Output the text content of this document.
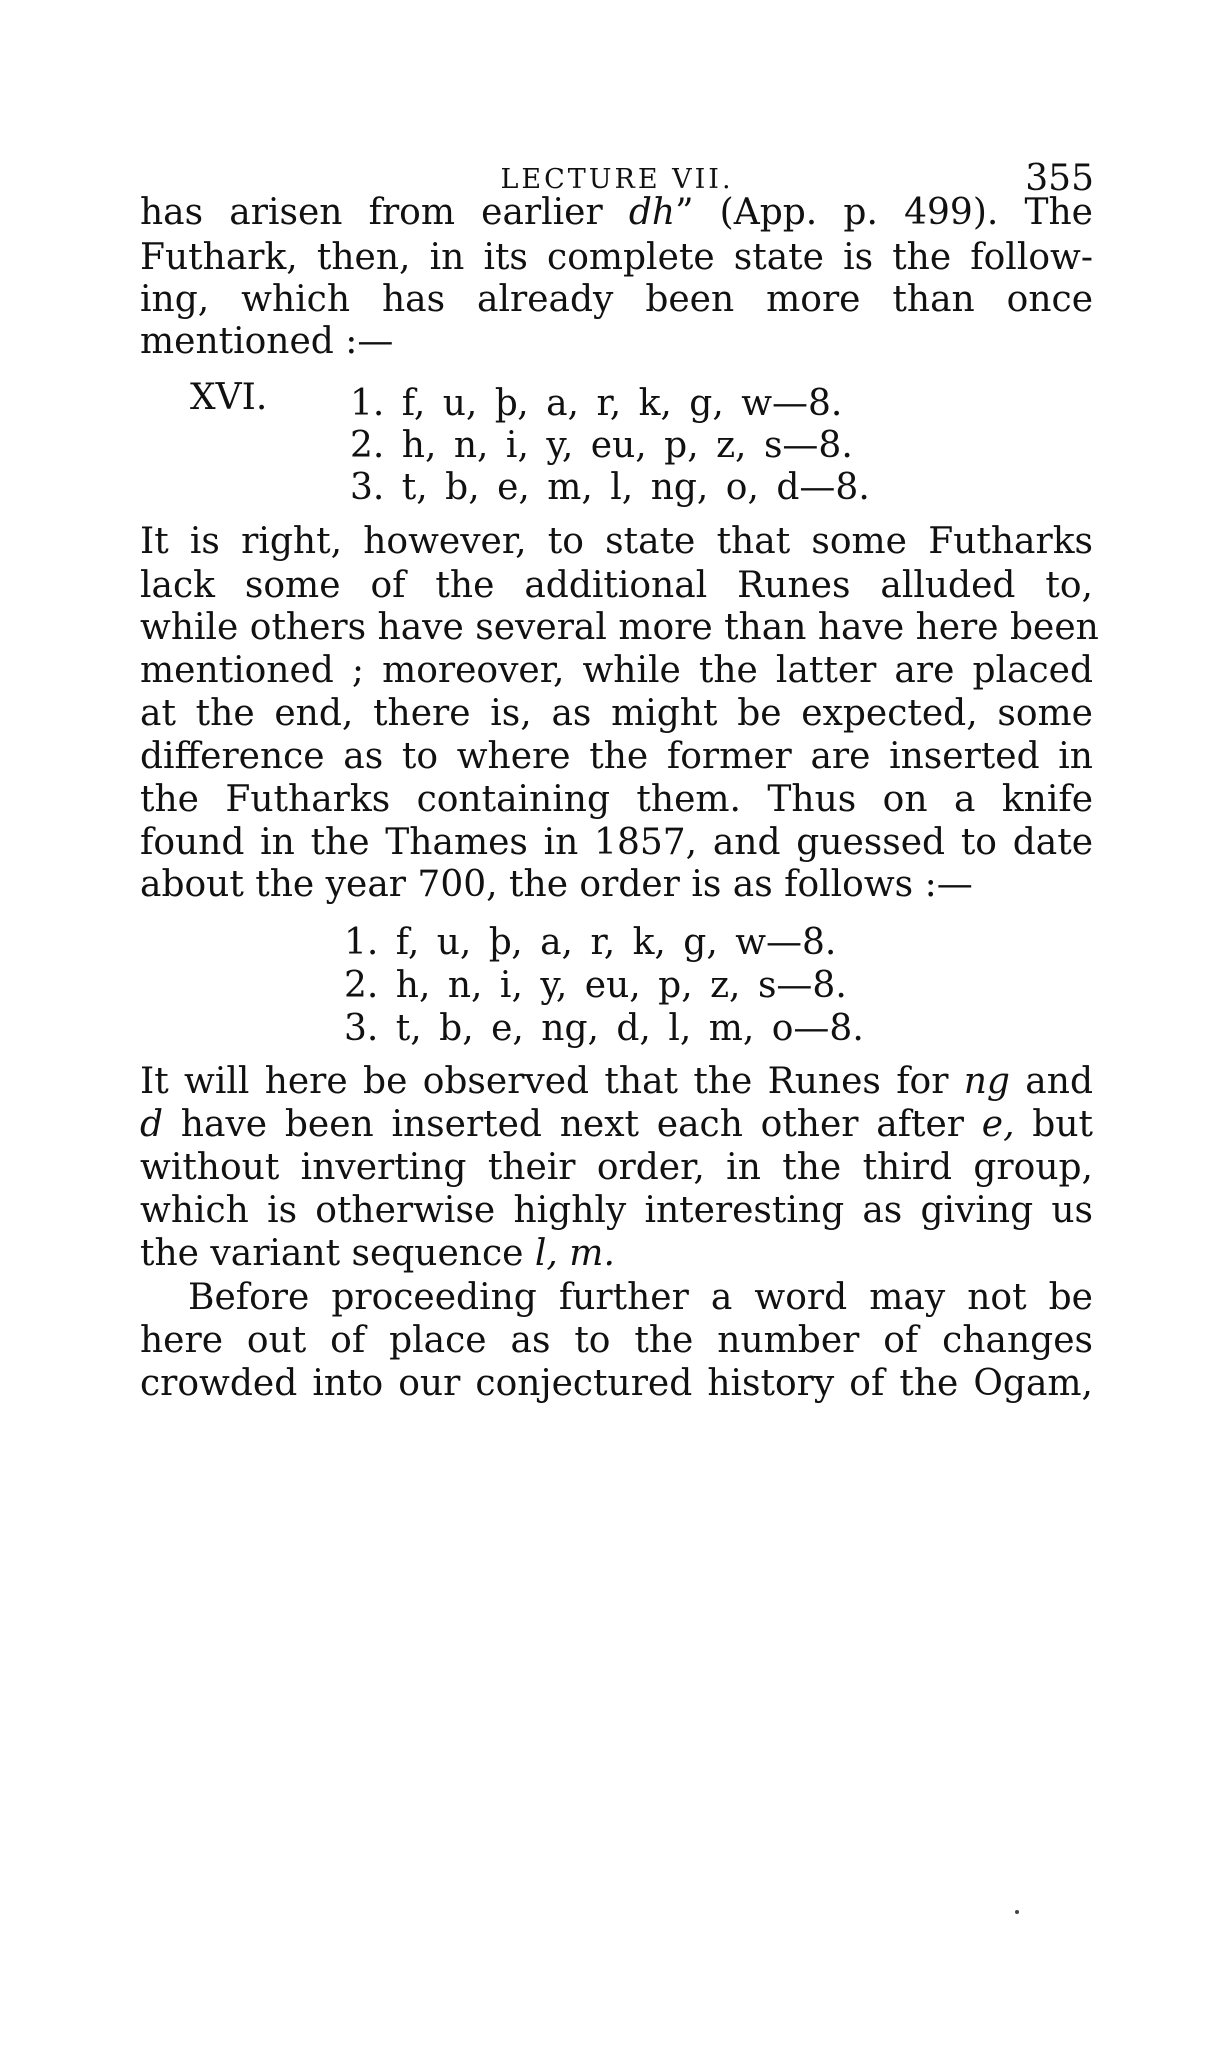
LECTURE VII.	355
has arisen from earlier dh” (App. p. 499). The
Futhark, then, in its complete state is the follow-
ing, which has already been more than once
mentioned :—
XVI. 1. f, u, þ, a, r, k, g, w—8.
2. h, n, i, y, eu, p, z, s—8.
3. t, b, e, m, l, ng, o, d—8.
It is right, however, to state that some Futharks
lack some of the additional Runes alluded to,
while others have several more than have here been
mentioned ; moreover, while the latter are placed
at the end, there is, as might be expected, some
difference as to where the former are inserted in
the Futharks containing them. Thus on a knife
found in the Thames in 1857, and guessed to date
about the year 700, the order is as follows :—
1. f, u, þ, a, r, k, g, w—8.
2. h, n, i, y, eu, p, z, s—8.
3. t, b, e, ng, d, l, m, o—8.
It will here be observed that the Runes for ng and
d have been inserted next each other after e, but
without inverting their order, in the third group,
which is otherwise highly interesting as giving us
the variant sequence l, m.
Before proceeding further a word may not be
here out of place as to the number of changes
crowded into our conjectured history of the Ogam,
